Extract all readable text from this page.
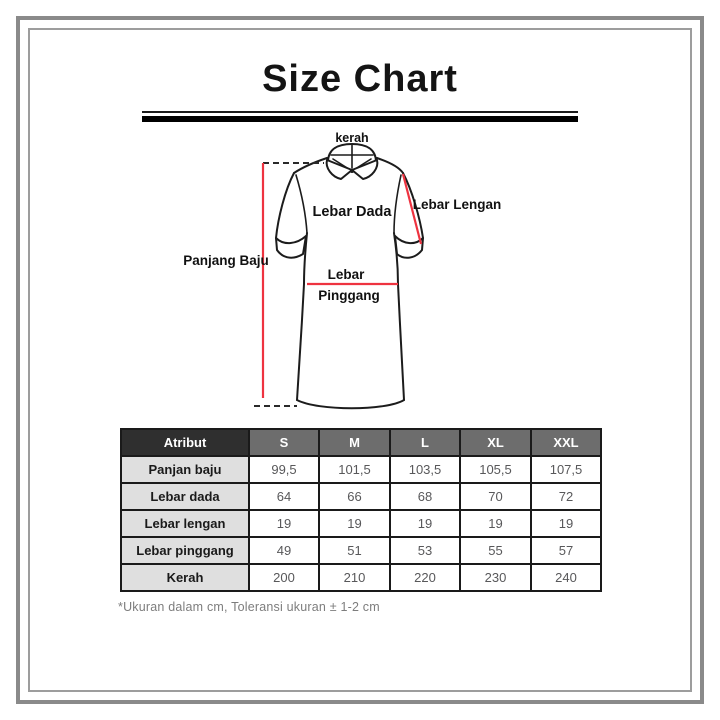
Size Chart
kerah
Lebar Dada Lebar Lengan
Panjang Baju
Lebar
Pinggang
Atribut	S	M	L	XL	XXL
Panjan baju	99,5	101,5	103,5	105,5	107,5
Lebar dada	64	66	68	70	72
Lebar lengan	19	19	19	19	19
Lebar pinggang	49	51	53	55	57
Kerah	200	210	220	230	240
*Ukuran dalam cm, Toleransi ukuran ± 1-2 cm
